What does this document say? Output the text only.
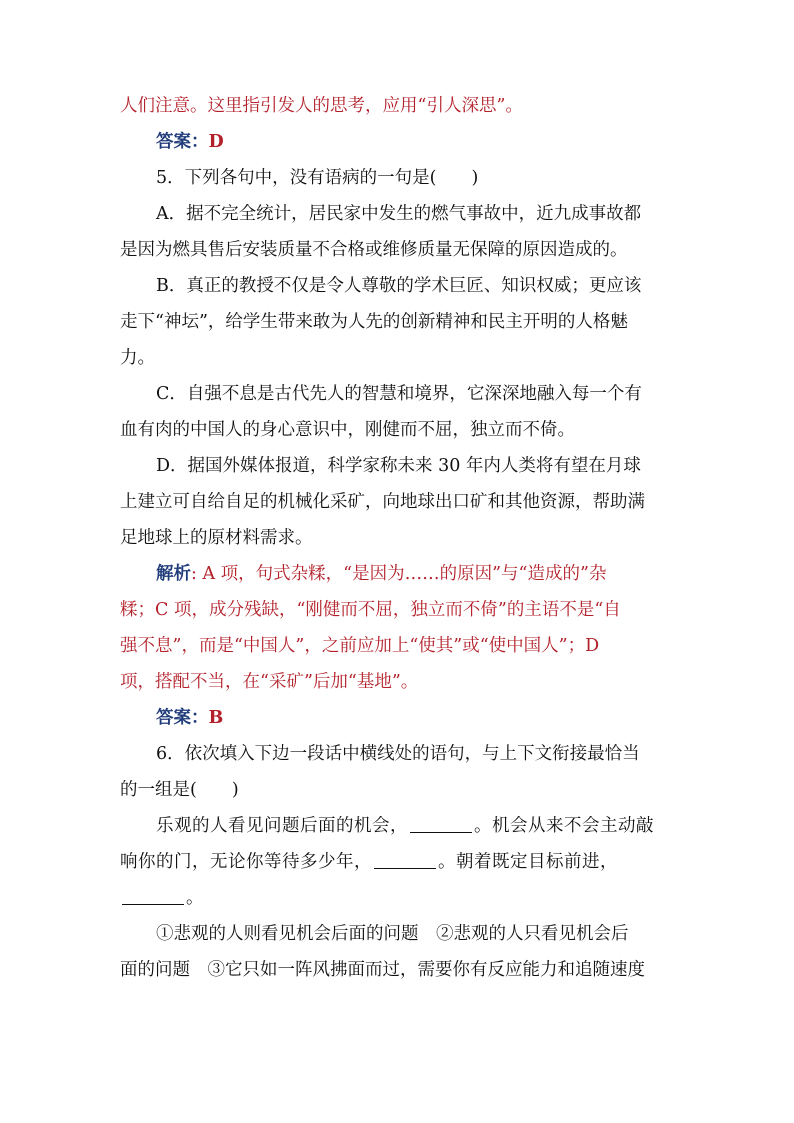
人们注意。这里指引发人的思考，应用“引人深思”。
答案：D
5．下列各句中，没有语病的一句是(　　)
A．据不完全统计，居民家中发生的燃气事故中，近九成事故都
是因为燃具售后安装质量不合格或维修质量无保障的原因造成的。
B．真正的教授不仅是令人尊敬的学术巨匠、知识权威；更应该
走下“神坛”，给学生带来敢为人先的创新精神和民主开明的人格魅
力。
C．自强不息是古代先人的智慧和境界，它深深地融入每一个有
血有肉的中国人的身心意识中，刚健而不屈，独立而不倚。
D．据国外媒体报道，科学家称未来 30 年内人类将有望在月球
上建立可自给自足的机械化采矿，向地球出口矿和其他资源，帮助满
足地球上的原材料需求。
解析: A 项，句式杂糅，“是因为……的原因”与“造成的”杂
糅；C 项，成分残缺，“刚健而不屈，独立而不倚”的主语不是“自
强不息”，而是“中国人”，之前应加上“使其”或“使中国人”；D
项，搭配不当，在“采矿”后加“基地”。
答案：B
6．依次填入下边一段话中横线处的语句，与上下文衔接最恰当
的一组是(　　)
乐观的人看见问题后面的机会，	。机会从来不会主动敲
响你的门，无论你等待多少年，	。朝着既定目标前进，
。
①悲观的人则看见机会后面的问题　②悲观的人只看见机会后
面的问题　③它只如一阵风拂面而过，需要你有反应能力和追随速度
